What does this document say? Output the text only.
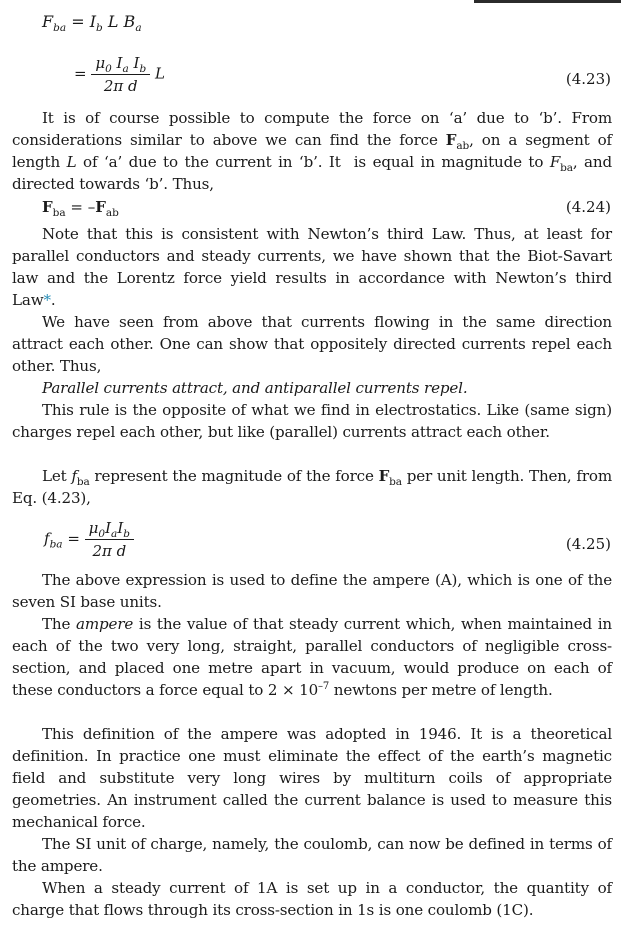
$F_{ba} = I_b$ L $B_a$
= $\frac{\mu_0 I_a I_b}{\text{2π d}}$ L	(4.23)
It is of course possible to compute the force on ‘a’ due to ‘b’. From considerations similar to above we can find the force $F_{ab}$, on a segment of length L of ‘a’ due to the current in ‘b’. It  is equal in magnitude to $F_{ba}$, and directed towards ‘b’. Thus,
$F_{ba} = -F_{ab}$	(4.24)
Note that this is consistent with Newton’s third Law. Thus, at least for parallel conductors and steady currents, we have shown that the Biot-Savart law and the Lorentz force yield results in accordance with Newton’s third Law*.
We have seen from above that currents flowing in the same direction attract each other. One can show that oppositely directed currents repel each other. Thus,
Parallel currents attract, and antiparallel currents repel.
This rule is the opposite of what we find in electrostatics. Like (same sign) charges repel each other, but like (parallel) currents attract each other.
Let $f_{ba}$ represent the magnitude of the force $F_{ba}$ per unit length. Then, from Eq. (4.23),
$f_{ba} = \frac{\mu_0I_aI_b}{\text{2π d}}$	(4.25)
The above expression is used to define the ampere (A), which is one of the seven SI base units.
The ampere is the value of that steady current which, when maintained in each of the two very long, straight, parallel conductors of negligible cross-section, and placed one metre apart in vacuum, would produce on each of these conductors a force equal to $2 \times 10^{-7}$ newtons per metre of length.
This definition of the ampere was adopted in 1946. It is a theoretical definition. In practice one must eliminate the effect of the earth’s magnetic field and substitute very long wires by multiturn coils of appropriate geometries. An instrument called the current balance is used to measure this mechanical force.
The SI unit of charge, namely, the coulomb, can now be defined in terms of the ampere.
When a steady current of 1A is set up in a conductor, the quantity of charge that flows through its cross-section in 1s is one coulomb (1C).
